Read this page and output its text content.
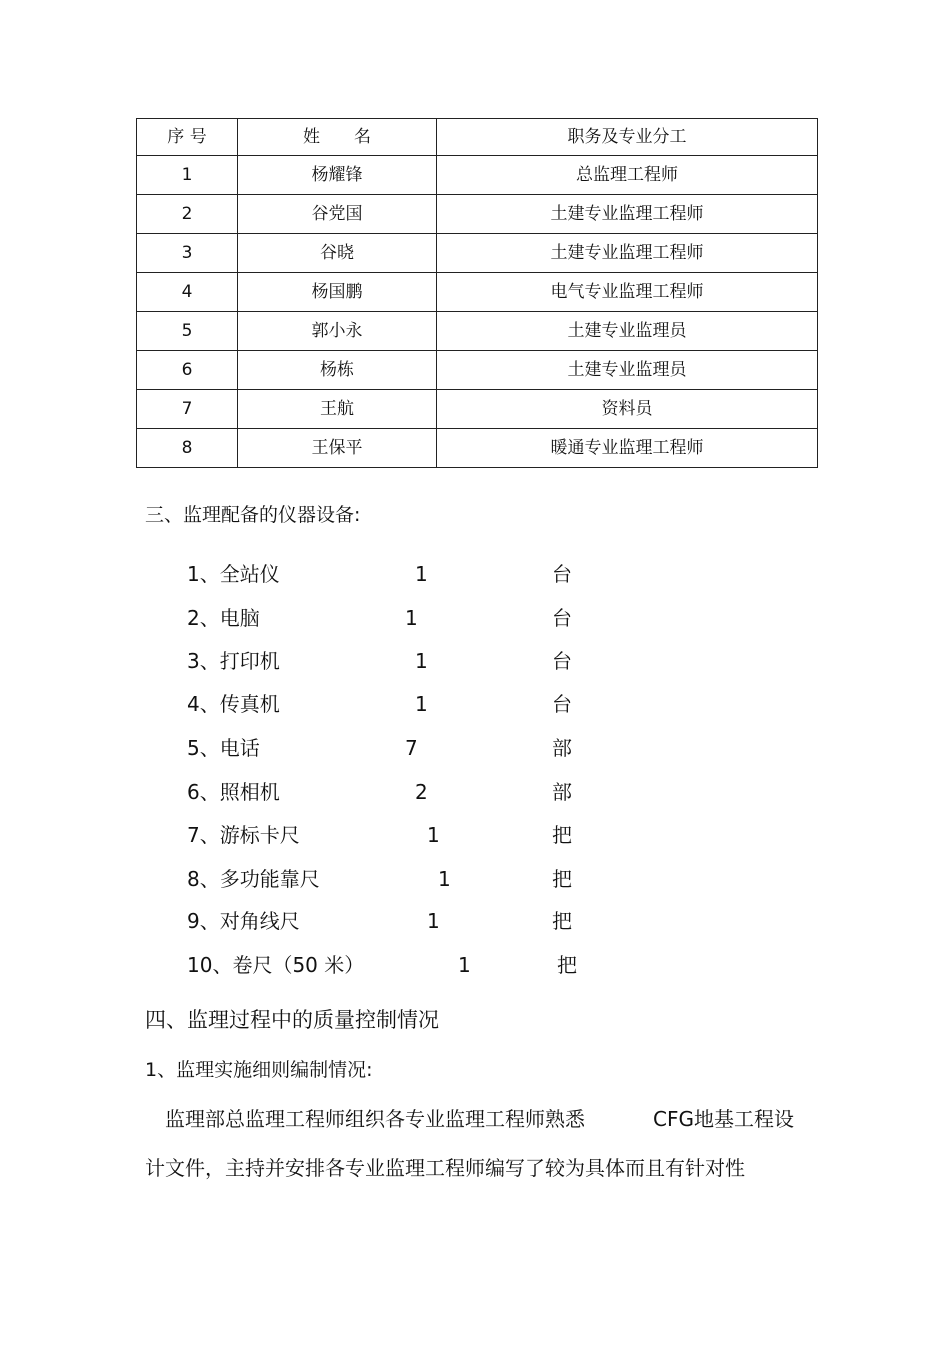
序 号	姓　　名	职务及专业分工
1	杨耀锋	总监理工程师
2	谷党国	土建专业监理工程师
3	谷晓	土建专业监理工程师
4	杨国鹏	电气专业监理工程师
5	郭小永	土建专业监理员
6	杨栋	土建专业监理员
7	王航	资料员
8	王保平	暖通专业监理工程师
三、监理配备的仪器设备:
1、全站仪	1	台
2、电脑	1	台
3、打印机	1	台
4、传真机	1	台
5、电话	7	部
6、照相机	2	部
7、游标卡尺	1	把
8、多功能靠尺	1	把
9、对角线尺	1	把
10、卷尺（50 米）	1	把
四、监理过程中的质量控制情况
1、监理实施细则编制情况:
　监理部总监理工程师组织各专业监理工程师熟悉	CFG地基工程设
计文件，主持并安排各专业监理工程师编写了较为具体而且有针对性
